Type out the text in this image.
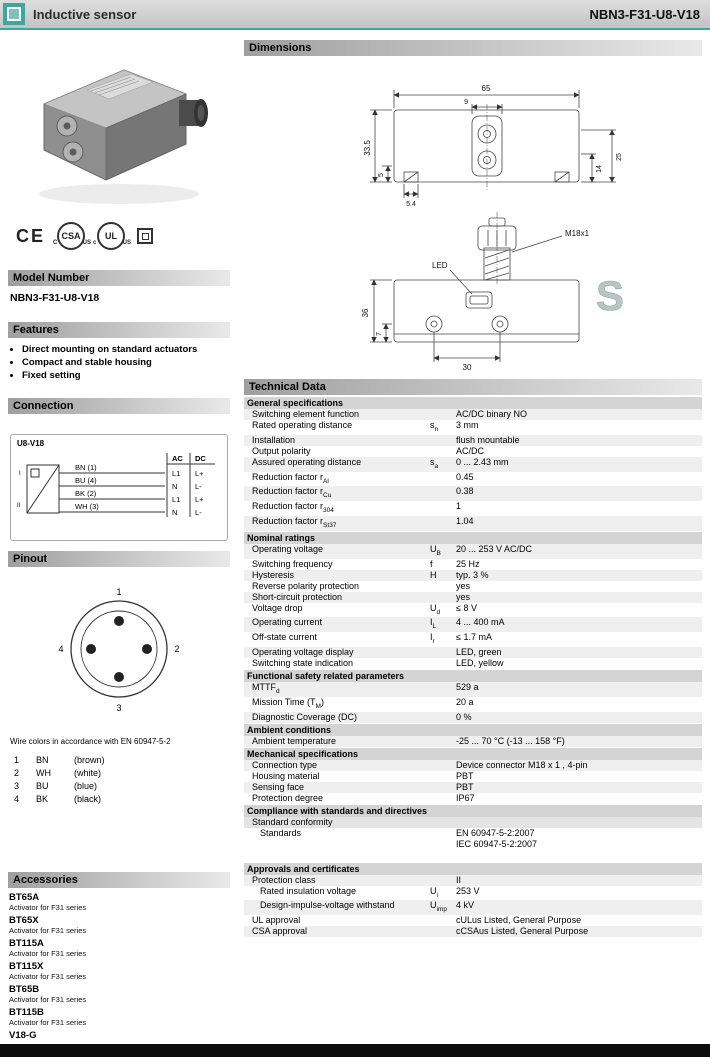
Inductive sensor	NBN3-F31-U8-V18
CE CSA
C	US
UL
c	US
Model Number
NBN3-F31-U8-V18
Features
• Direct mounting on standard actuators
• Compact and stable housing
• Fixed setting
Connection
U8-V18
I
II
BN (1)
BU (4)
BK (2)
WH (3)
AC DC
L1 L+
N L-
L1 L+
N L-
Pinout
1
2
3
4
Wire colors in accordance with EN 60947-5-2
1	BN	(brown)
2	WH	(white)
3	BU	(blue)
4	BK	(black)
Accessories
BT65A
Activator for F31 series
BT65X
Activator for F31 series
BT115A
Activator for F31 series
BT115X
Activator for F31 series
BT65B
Activator for F31 series
BT115B
Activator for F31 series
V18-G
Dimensions
65
33.5
9
5
5.4
14
25
M18x1
LED
36
7
30
S
Technical Data
General specifications
Switching element function	AC/DC binary NO
Rated operating distance	$s_n$	3 mm
Installation	flush mountable
Output polarity	AC/DC
Assured operating distance	$s_a$	0 ... 2.43 mm
Reduction factor $r_{Al}$	0.45
Reduction factor $r_{Cu}$	0.38
Reduction factor $r_{304}$	1
Reduction factor $r_{St37}$	1.04
Nominal ratings
Operating voltage	$U_B$	20 ... 253 V AC/DC
Switching frequency	f	25 Hz
Hysteresis	H	typ. 3 %
Reverse polarity protection	yes
Short-circuit protection	yes
Voltage drop	$U_d$	≤ 8 V
Operating current	$I_L$	4 ... 400 mA
Off-state current	$I_r$	≤ 1.7 mA
Operating voltage display	LED, green
Switching state indication	LED, yellow
Functional safety related parameters
$MTTF_d$	529 a
Mission Time $(T_M)$	20 a
Diagnostic Coverage (DC)	0 %
Ambient conditions
Ambient temperature	-25 ... 70 °C (-13 ... 158 °F)
Mechanical specifications
Connection type	Device connector M18 x 1 , 4-pin
Housing material	PBT
Sensing face	PBT
Protection degree	IP67
Compliance with standards and directives
Standard conformity
Standards	EN 60947-5-2:2007
IEC 60947-5-2:2007
Approvals and certificates
Protection class	II
Rated insulation voltage	$U_i$	253 V
Design-impulse-voltage withstand	$U_{imp}$	4 kV
UL approval	cULus Listed, General Purpose
CSA approval	cCSAus Listed, General Purpose
